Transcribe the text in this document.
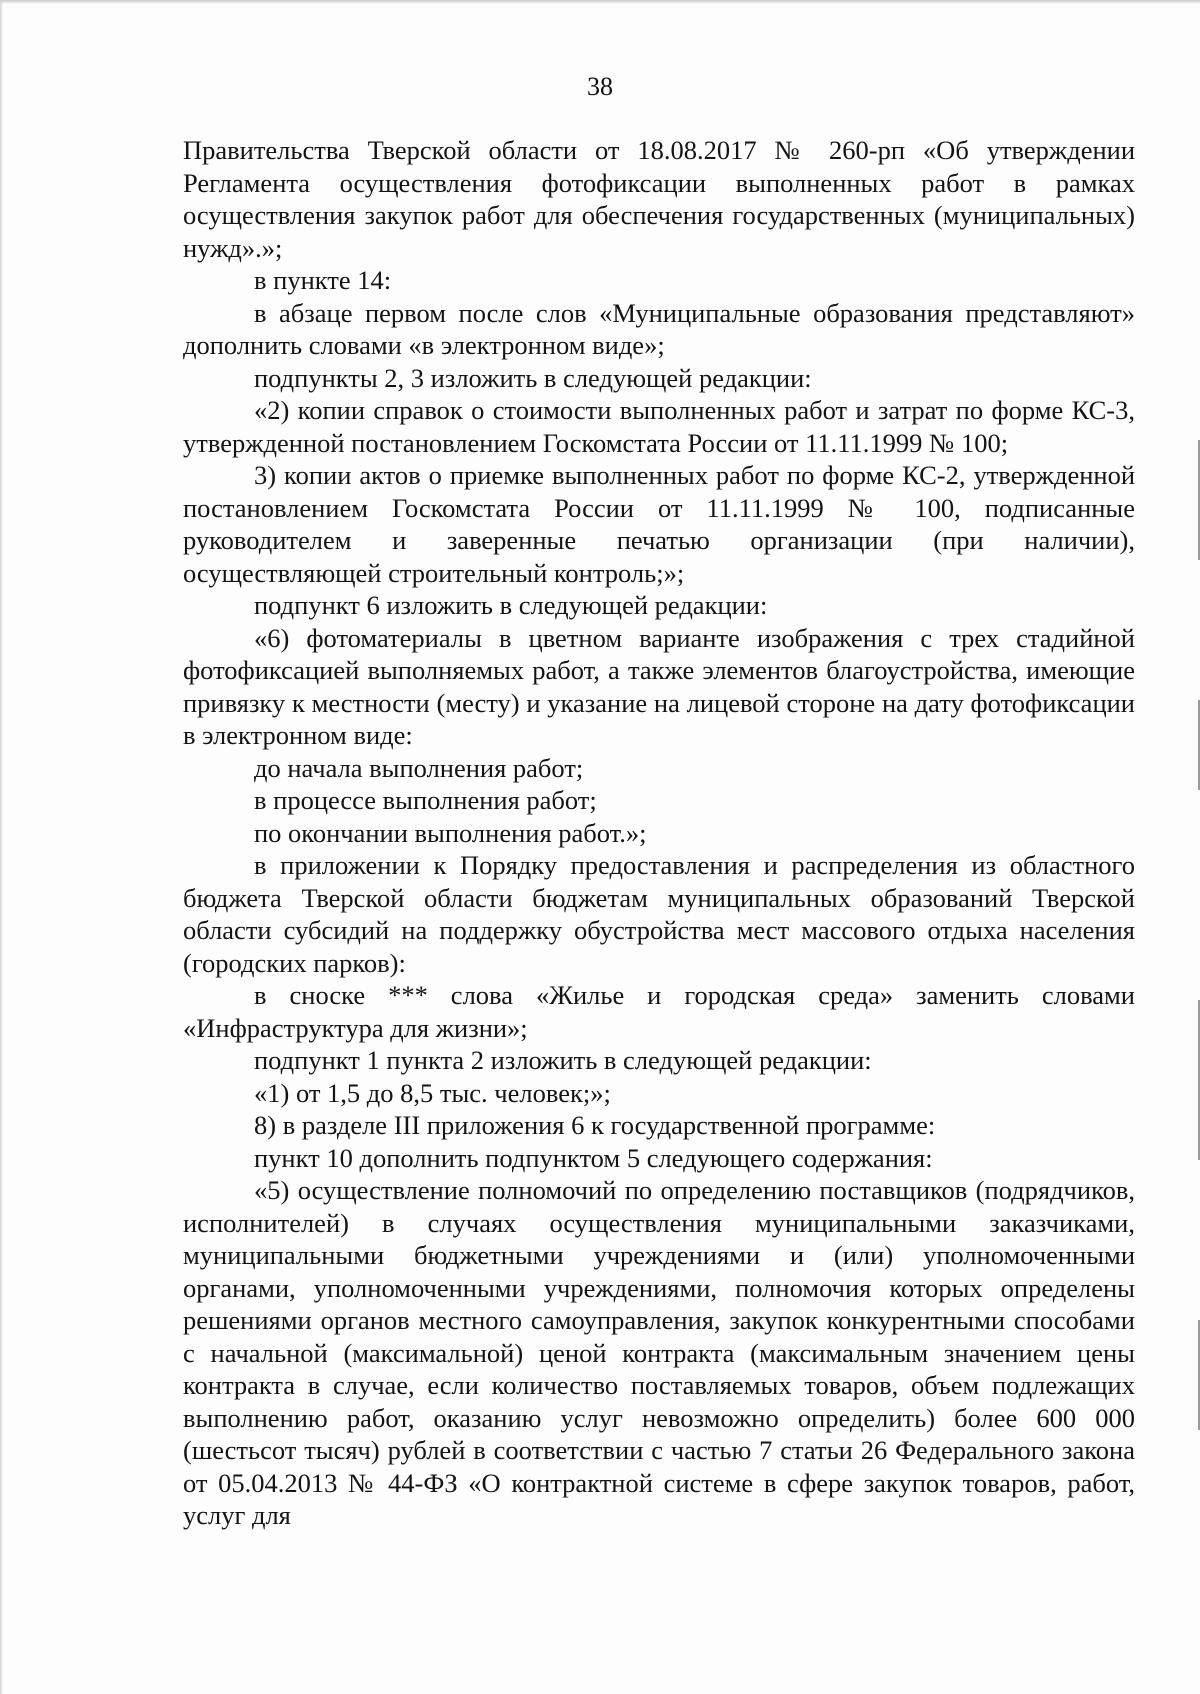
38

Правительства Тверской области от 18.08.2017 № 260-рп «Об утверждении Регламента осуществления фотофиксации выполненных работ в рамках осуществления закупок работ для обеспечения государственных (муниципальных) нужд».»;

в пункте 14:

в абзаце первом после слов «Муниципальные образования представляют» дополнить словами «в электронном виде»;

подпункты 2, 3 изложить в следующей редакции:

«2) копии справок о стоимости выполненных работ и затрат по форме КС-3, утвержденной постановлением Госкомстата России от 11.11.1999 № 100;

3) копии актов о приемке выполненных работ по форме КС-2, утвержденной постановлением Госкомстата России от 11.11.1999 № 100, подписанные руководителем и заверенные печатью организации (при наличии), осуществляющей строительный контроль;»;

подпункт 6 изложить в следующей редакции:

«6) фотоматериалы в цветном варианте изображения с трех стадийной фотофиксацией выполняемых работ, а также элементов благоустройства, имеющие привязку к местности (месту) и указание на лицевой стороне на дату фотофиксации в электронном виде:

до начала выполнения работ;

в процессе выполнения работ;

по окончании выполнения работ.»;

в приложении к Порядку предоставления и распределения из областного бюджета Тверской области бюджетам муниципальных образований Тверской области субсидий на поддержку обустройства мест массового отдыха населения (городских парков):

в сноске *** слова «Жилье и городская среда» заменить словами «Инфраструктура для жизни»;

подпункт 1 пункта 2 изложить в следующей редакции:

«1) от 1,5 до 8,5 тыс. человек;»;

8) в разделе III приложения 6 к государственной программе:

пункт 10 дополнить подпунктом 5 следующего содержания:

«5) осуществление полномочий по определению поставщиков (подрядчиков, исполнителей) в случаях осуществления муниципальными заказчиками, муниципальными бюджетными учреждениями и (или) уполномоченными органами, уполномоченными учреждениями, полномочия которых определены решениями органов местного самоуправления, закупок конкурентными способами с начальной (максимальной) ценой контракта (максимальным значением цены контракта в случае, если количество поставляемых товаров, объем подлежащих выполнению работ, оказанию услуг невозможно определить) более 600 000 (шестьсот тысяч) рублей в соответствии с частью 7 статьи 26 Федерального закона от 05.04.2013 № 44-ФЗ «О контрактной системе в сфере закупок товаров, работ, услуг для
